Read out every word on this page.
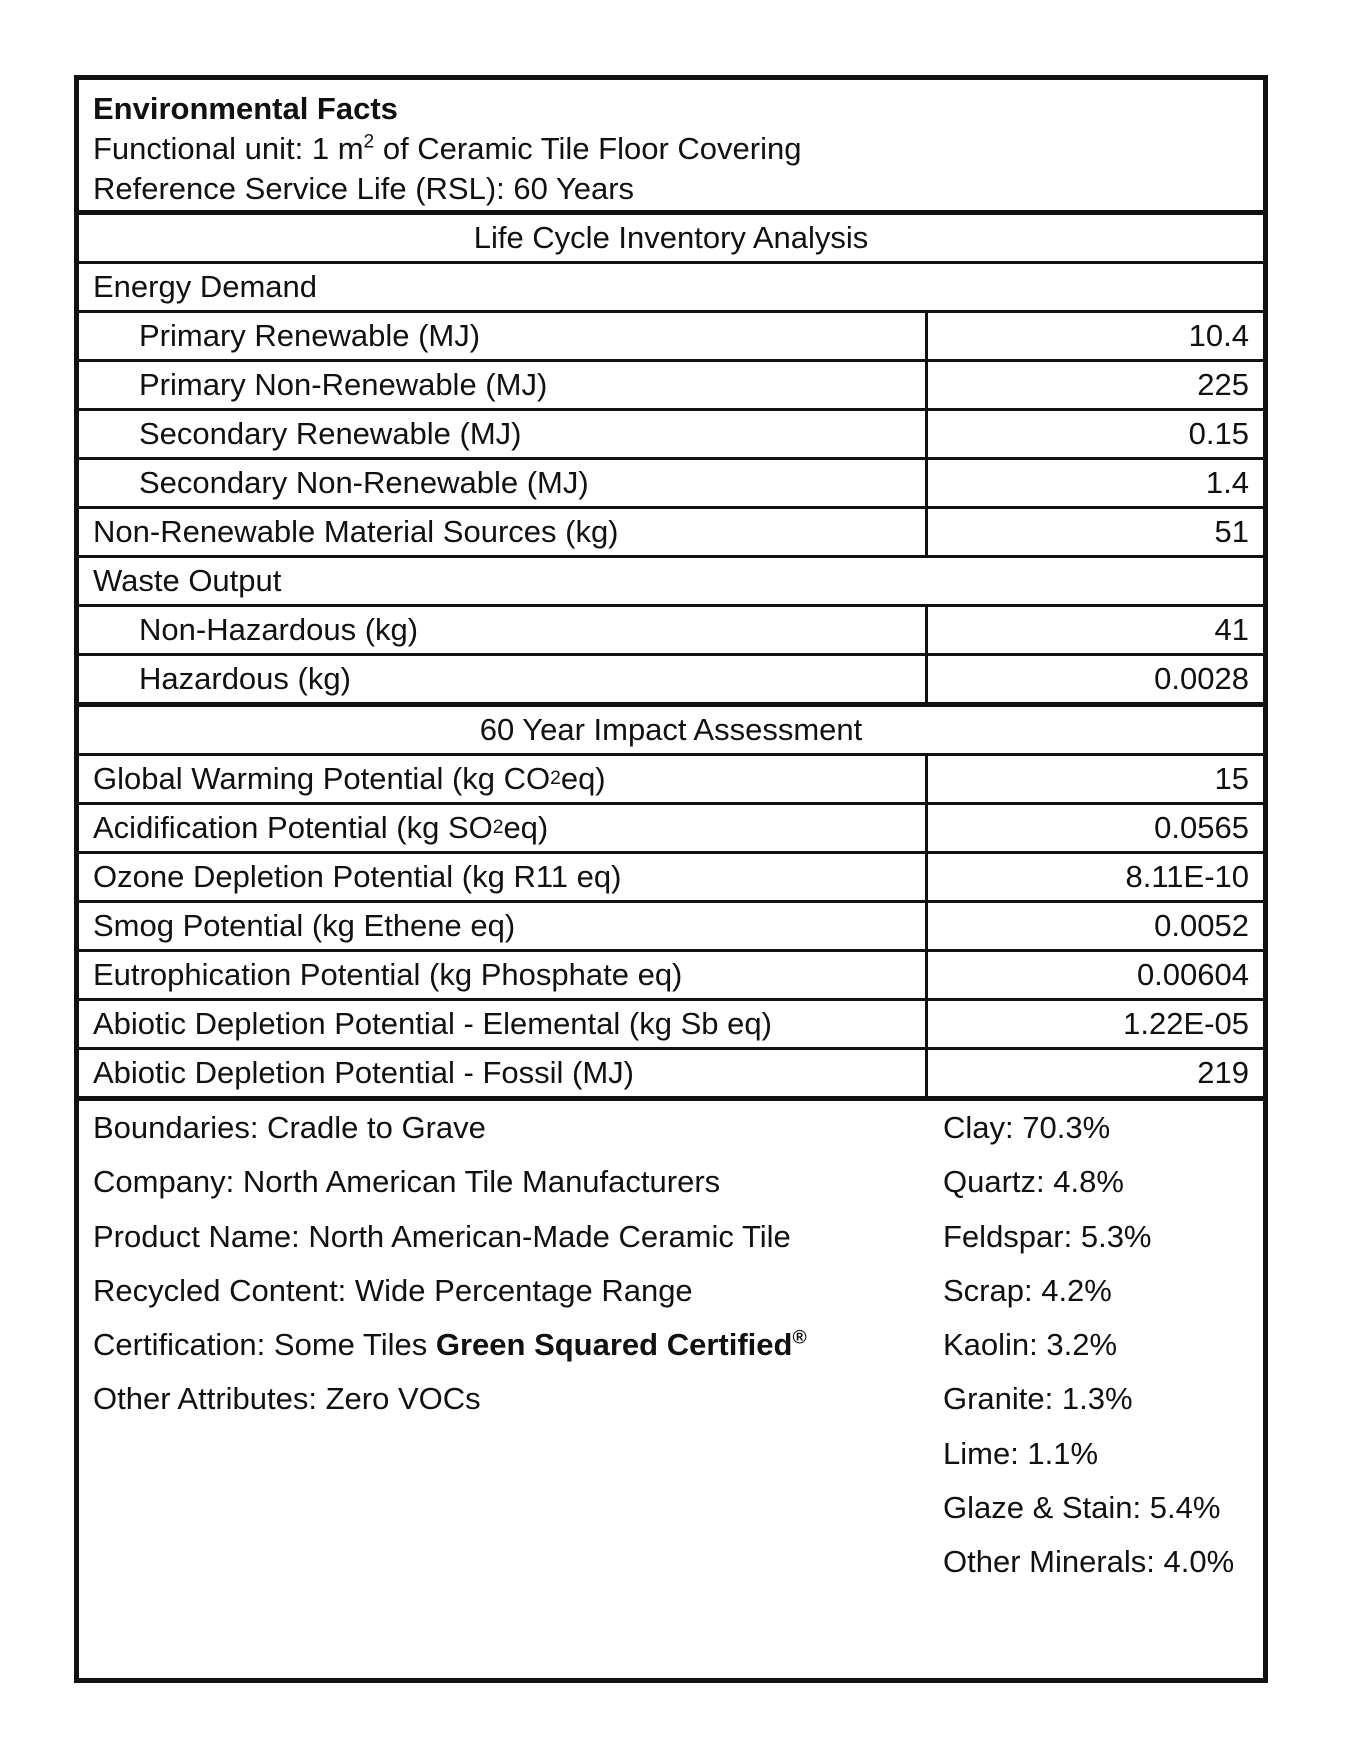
Environmental Facts
Functional unit: 1 $m^2$ of Ceramic Tile Floor Covering
Reference Service Life (RSL): 60 Years
Life Cycle Inventory Analysis
Energy Demand
Primary Renewable (MJ)	10.4
Primary Non-Renewable (MJ)	225
Secondary Renewable (MJ)	0.15
Secondary Non-Renewable (MJ)	1.4
Non-Renewable Material Sources (kg)	51
Waste Output
Non-Hazardous (kg)	41
Hazardous (kg)	0.0028
60 Year Impact Assessment
Global Warming Potential (kg CO 2 eq)	15
Acidification Potential (kg SO 2 eq)	0.0565
Ozone Depletion Potential (kg R11 eq)	8.11E-10
Smog Potential (kg Ethene eq)	0.0052
Eutrophication Potential (kg Phosphate eq)	0.00604
Abiotic Depletion Potential - Elemental (kg Sb eq)	1.22E-05
Abiotic Depletion Potential - Fossil (MJ)	219
Boundaries: Cradle to Grave
Company: North American Tile Manufacturers
Product Name: North American-Made Ceramic Tile
Recycled Content: Wide Percentage Range
Certification: Some Tiles Green Squared Certified®
Other Attributes: Zero VOCs
Clay: 70.3%
Quartz: 4.8%
Feldspar: 5.3%
Scrap: 4.2%
Kaolin: 3.2%
Granite: 1.3%
Lime: 1.1%
Glaze & Stain: 5.4%
Other Minerals: 4.0%
